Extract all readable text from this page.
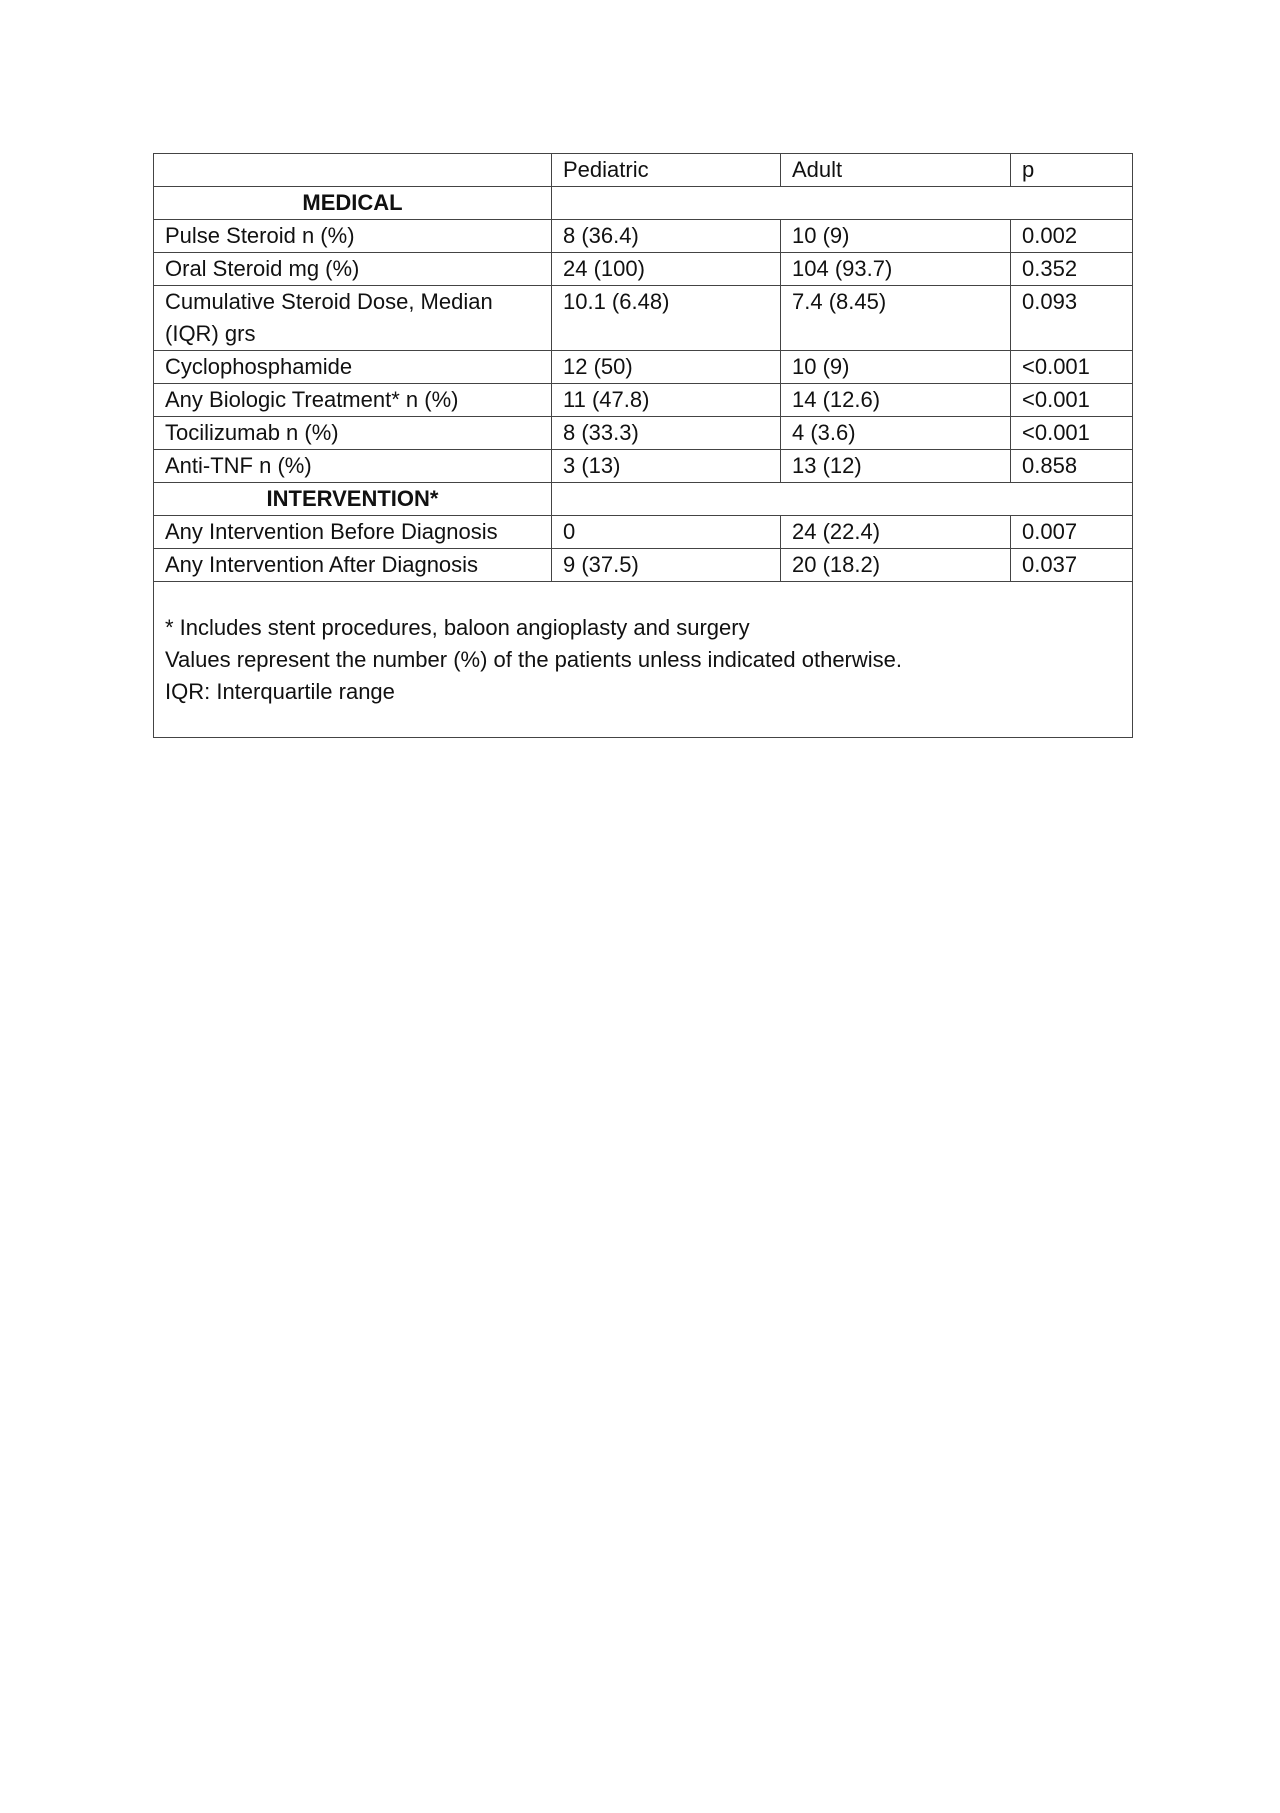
	Pediatric	Adult	p
MEDICAL			
Pulse Steroid n (%)	8 (36.4)	10 (9)	0.002
Oral Steroid mg (%)	24 (100)	104 (93.7)	0.352
Cumulative Steroid Dose, Median (IQR) grs	10.1 (6.48)	7.4 (8.45)	0.093
Cyclophosphamide	12 (50)	10 (9)	<0.001
Any Biologic Treatment* n (%)	11 (47.8)	14 (12.6)	<0.001
Tocilizumab n (%)	8 (33.3)	4 (3.6)	<0.001
Anti-TNF n (%)	3 (13)	13 (12)	0.858
INTERVENTION*			
Any Intervention Before Diagnosis	0	24 (22.4)	0.007
Any Intervention After Diagnosis	9 (37.5)	20 (18.2)	0.037

* Includes stent procedures, baloon angioplasty and surgery
Values represent the number (%) of the patients unless indicated otherwise.
IQR: Interquartile range			
